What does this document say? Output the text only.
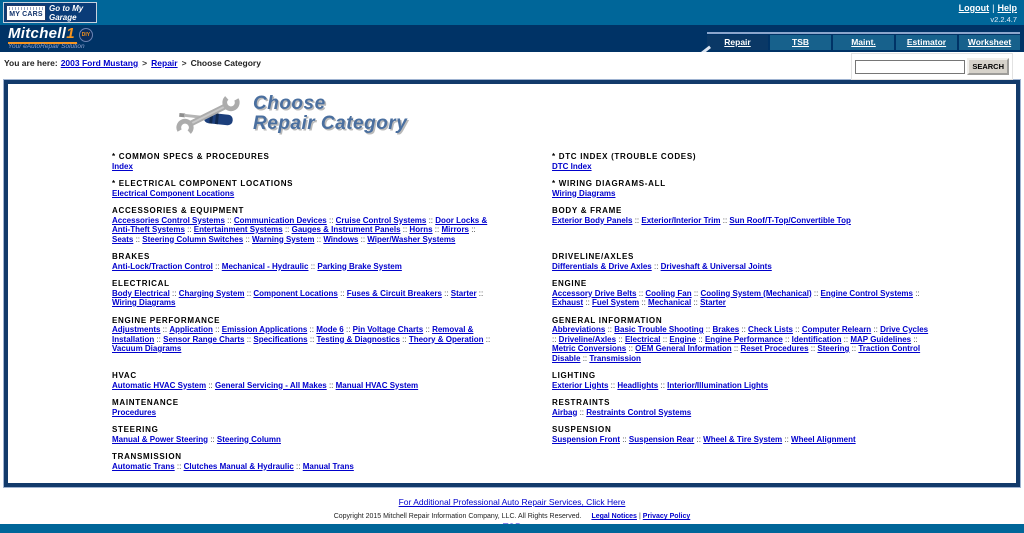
MY CARS
Go to My Garage
Logout | Help
v2.2.4.7
Mitchell1 DIY
Your eAutoRepair Solution	Repair	TSB	Maint.	Estimator	Worksheet
You are here: 2003 Ford Mustang > Repair > Choose Category	SEARCH
Choose
Repair Category
* COMMON SPECS & PROCEDURES
Index
* DTC INDEX (TROUBLE CODES)
DTC Index
* ELECTRICAL COMPONENT LOCATIONS
Electrical Component Locations
* WIRING DIAGRAMS-ALL
Wiring Diagrams
ACCESSORIES & EQUIPMENT
Accessories Control Systems :: Communication Devices :: Cruise Control Systems :: Door Locks & Anti-Theft Systems :: Entertainment Systems :: Gauges & Instrument Panels :: Horns :: Mirrors :: Seats :: Steering Column Switches :: Warning System :: Windows :: Wiper/Washer Systems
BODY & FRAME
Exterior Body Panels :: Exterior/Interior Trim :: Sun Roof/T-Top/Convertible Top
BRAKES
Anti-Lock/Traction Control :: Mechanical - Hydraulic :: Parking Brake System
DRIVELINE/AXLES
Differentials & Drive Axles :: Driveshaft & Universal Joints
ELECTRICAL
Body Electrical :: Charging System :: Component Locations :: Fuses & Circuit Breakers :: Starter :: Wiring Diagrams
ENGINE
Accessory Drive Belts :: Cooling Fan :: Cooling System (Mechanical) :: Engine Control Systems :: Exhaust :: Fuel System :: Mechanical :: Starter
ENGINE PERFORMANCE
Adjustments :: Application :: Emission Applications :: Mode 6 :: Pin Voltage Charts :: Removal & Installation :: Sensor Range Charts :: Specifications :: Testing & Diagnostics :: Theory & Operation :: Vacuum Diagrams
GENERAL INFORMATION
Abbreviations :: Basic Trouble Shooting :: Brakes :: Check Lists :: Computer Relearn :: Drive Cycles :: Driveline/Axles :: Electrical :: Engine :: Engine Performance :: Identification :: MAP Guidelines :: Metric Conversions :: OEM General Information :: Reset Procedures :: Steering :: Traction Control Disable :: Transmission
HVAC
Automatic HVAC System :: General Servicing - All Makes :: Manual HVAC System
LIGHTING
Exterior Lights :: Headlights :: Interior/Illumination Lights
MAINTENANCE
Procedures
RESTRAINTS
Airbag :: Restraints Control Systems
STEERING
Manual & Power Steering :: Steering Column
SUSPENSION
Suspension Front :: Suspension Rear :: Wheel & Tire System :: Wheel Alignment
TRANSMISSION
Automatic Trans :: Clutches Manual & Hydraulic :: Manual Trans
For Additional Professional Auto Repair Services, Click Here
Copyright 2015 Mitchell Repair Information Company, LLC. All Rights Reserved. Legal Notices | Privacy Policy
